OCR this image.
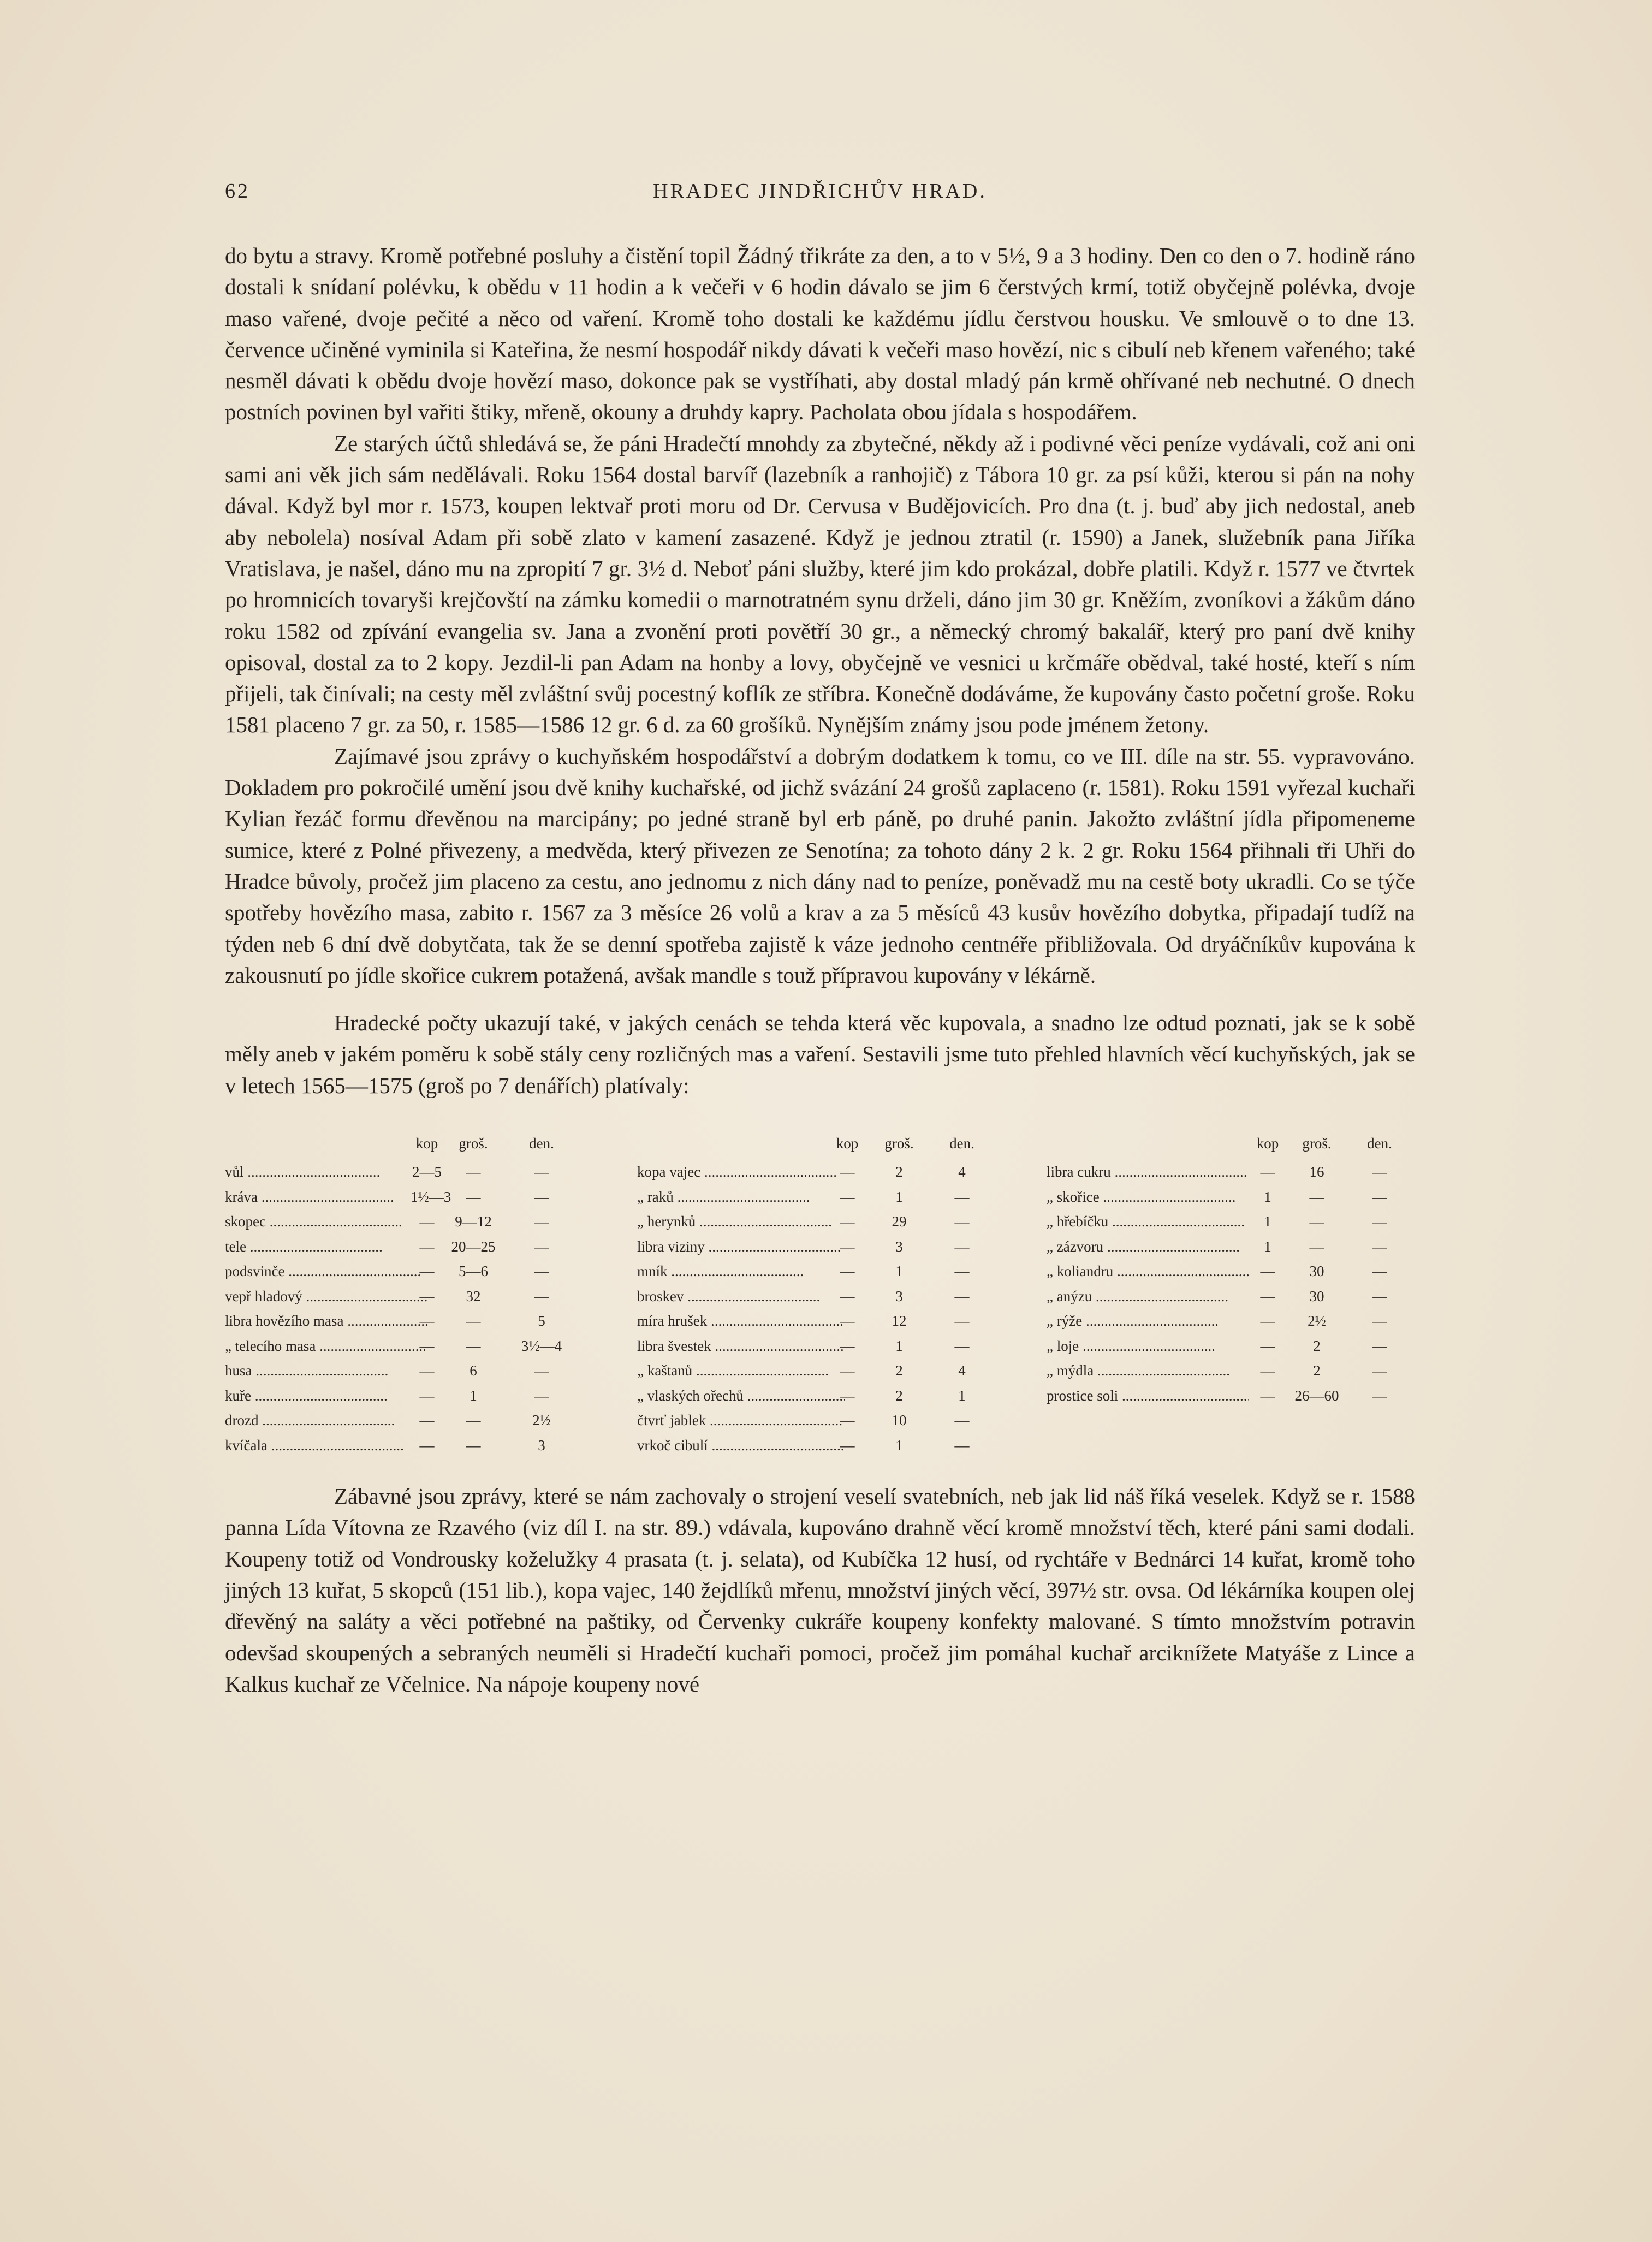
62	HRADEC JINDŘICHŮV HRAD.

do bytu a stravy. Kromě potřebné posluhy a čistění topil Žádný třikráte za den, a to v 5½, 9 a 3 hodiny. Den co den o 7. hodině ráno dostali k snídaní polévku, k obědu v 11 hodin a k večeři v 6 hodin dávalo se jim 6 čerstvých krmí, totiž obyčejně polévka, dvoje maso vařené, dvoje pečité a něco od vaření. Kromě toho dostali ke každému jídlu čerstvou housku. Ve smlouvě o to dne 13. července učiněné vyminila si Kateřina, že nesmí hospodář nikdy dávati k večeři maso hovězí, nic s cibulí neb křenem vařeného; také nesměl dávati k obědu dvoje hovězí maso, dokonce pak se vystříhati, aby dostal mladý pán krmě ohřívané neb nechutné. O dnech postních povinen byl vařiti štiky, mřeně, okouny a druhdy kapry. Pacholata obou jídala s hospodářem.

Ze starých účtů shledává se, že páni Hradečtí mnohdy za zbytečné, někdy až i podivné věci peníze vydávali, což ani oni sami ani věk jich sám nedělávali. Roku 1564 dostal barvíř (lazebník a ranhojič) z Tábora 10 gr. za psí kůži, kterou si pán na nohy dával. Když byl mor r. 1573, koupen lektvař proti moru od Dr. Cervusa v Budějovicích. Pro dna (t. j. buď aby jich nedostal, aneb aby nebolela) nosíval Adam při sobě zlato v kamení zasazené. Když je jednou ztratil (r. 1590) a Janek, služebník pana Jiříka Vratislava, je našel, dáno mu na zpropití 7 gr. 3½ d. Neboť páni služby, které jim kdo prokázal, dobře platili. Když r. 1577 ve čtvrtek po hromnicích tovaryši krejčovští na zámku komedii o marnotratném synu drželi, dáno jim 30 gr. Kněžím, zvoníkovi a žákům dáno roku 1582 od zpívání evangelia sv. Jana a zvonění proti povětří 30 gr., a německý chromý bakalář, který pro paní dvě knihy opisoval, dostal za to 2 kopy. Jezdil-li pan Adam na honby a lovy, obyčejně ve vesnici u krčmáře obědval, také hosté, kteří s ním přijeli, tak činívali; na cesty měl zvláštní svůj pocestný koflík ze stříbra. Konečně dodáváme, že kupovány často početní groše. Roku 1581 placeno 7 gr. za 50, r. 1585—1586 12 gr. 6 d. za 60 grošíků. Nynějším známy jsou pode jménem žetony.

Zajímavé jsou zprávy o kuchyňském hospodářství a dobrým dodatkem k tomu, co ve III. díle na str. 55. vypravováno. Dokladem pro pokročilé umění jsou dvě knihy kuchařské, od jichž svázání 24 grošů zaplaceno (r. 1581). Roku 1591 vyřezal kuchaři Kylian řezáč formu dřevěnou na marcipány; po jedné straně byl erb páně, po druhé panin. Jakožto zvláštní jídla připomeneme sumice, které z Polné přivezeny, a medvěda, který přivezen ze Senotína; za tohoto dány 2 k. 2 gr. Roku 1564 přihnali tři Uhři do Hradce bůvoly, pročež jim placeno za cestu, ano jednomu z nich dány nad to peníze, poněvadž mu na cestě boty ukradli. Co se týče spotřeby hovězího masa, zabito r. 1567 za 3 měsíce 26 volů a krav a za 5 měsíců 43 kusův hovězího dobytka, připadají tudíž na týden neb 6 dní dvě dobytčata, tak že se denní spotřeba zajistě k váze jednoho centnéře přibližovala. Od dryáčníkův kupována k zakousnutí po jídle skořice cukrem potažená, avšak mandle s touž přípravou kupovány v lékárně.

Hradecké počty ukazují také, v jakých cenách se tehda která věc kupovala, a snadno lze odtud poznati, jak se k sobě měly aneb v jakém poměru k sobě stály ceny rozličných mas a vaření. Sestavili jsme tuto přehled hlavních věcí kuchyňských, jak se v letech 1565—1575 (groš po 7 denářích) platívaly:

kop	groš.	den.
vůl .....	2—5	—	—
kráva .....	1½—3	—	—
skopec .....	—	9—12	—
tele .....	—	20—25	—
podsvinče .....	—	5—6	—
vepř hladový .....	—	32	—
libra hovězího masa .....	—	—	5
„ telecího masa .....	—	—	3½—4
husa .....	—	6	—
kuře .....	—	1	—
drozd .....	—	—	2½
kvíčala .....	—	—	3
kop	groš.	den.
kopa vajec .....	—	2	4
„ raků .....	—	1	—
„ herynků .....	—	29	—
libra viziny .....	—	3	—
mník .....	—	1	—
broskev .....	—	3	—
míra hrušek .....	—	12	—
libra švestek .....	—	1	—
„ kaštanů .....	—	2	4
„ vlaských ořechů .....	—	2	1
čtvrť jablek .....	—	10	—
vrkoč cibulí .....	—	1	—
kop	groš.	den.
libra cukru .....	—	16	—
„ skořice .....	1	—	—
„ hřebíčku .....	1	—	—
„ zázvoru .....	1	—	—
„ koliandru .....	—	30	—
„ anýzu .....	—	30	—
„ rýže .....	—	2½	—
„ loje .....	—	2	—
„ mýdla .....	—	2	—
prostice soli .....	—	26—60	—

Zábavné jsou zprávy, které se nám zachovaly o strojení veselí svatebních, neb jak lid náš říká veselek. Když se r. 1588 panna Lída Vítovna ze Rzavého (viz díl I. na str. 89.) vdávala, kupováno drahně věcí kromě množství těch, které páni sami dodali. Koupeny totiž od Vondrousky koželužky 4 prasata (t. j. selata), od Kubíčka 12 husí, od rychtáře v Bednárci 14 kuřat, kromě toho jiných 13 kuřat, 5 skopců (151 lib.), kopa vajec, 140 žejdlíků mřenu, množství jiných věcí, 397½ str. ovsa. Od lékárníka koupen olej dřevěný na saláty a věci potřebné na paštiky, od Červenky cukráře koupeny konfekty malované. S tímto množstvím potravin odevšad skoupených a sebraných neuměli si Hradečtí kuchaři pomoci, pročež jim pomáhal kuchař arciknížete Matyáše z Lince a Kalkus kuchař ze Včelnice. Na nápoje koupeny nové
